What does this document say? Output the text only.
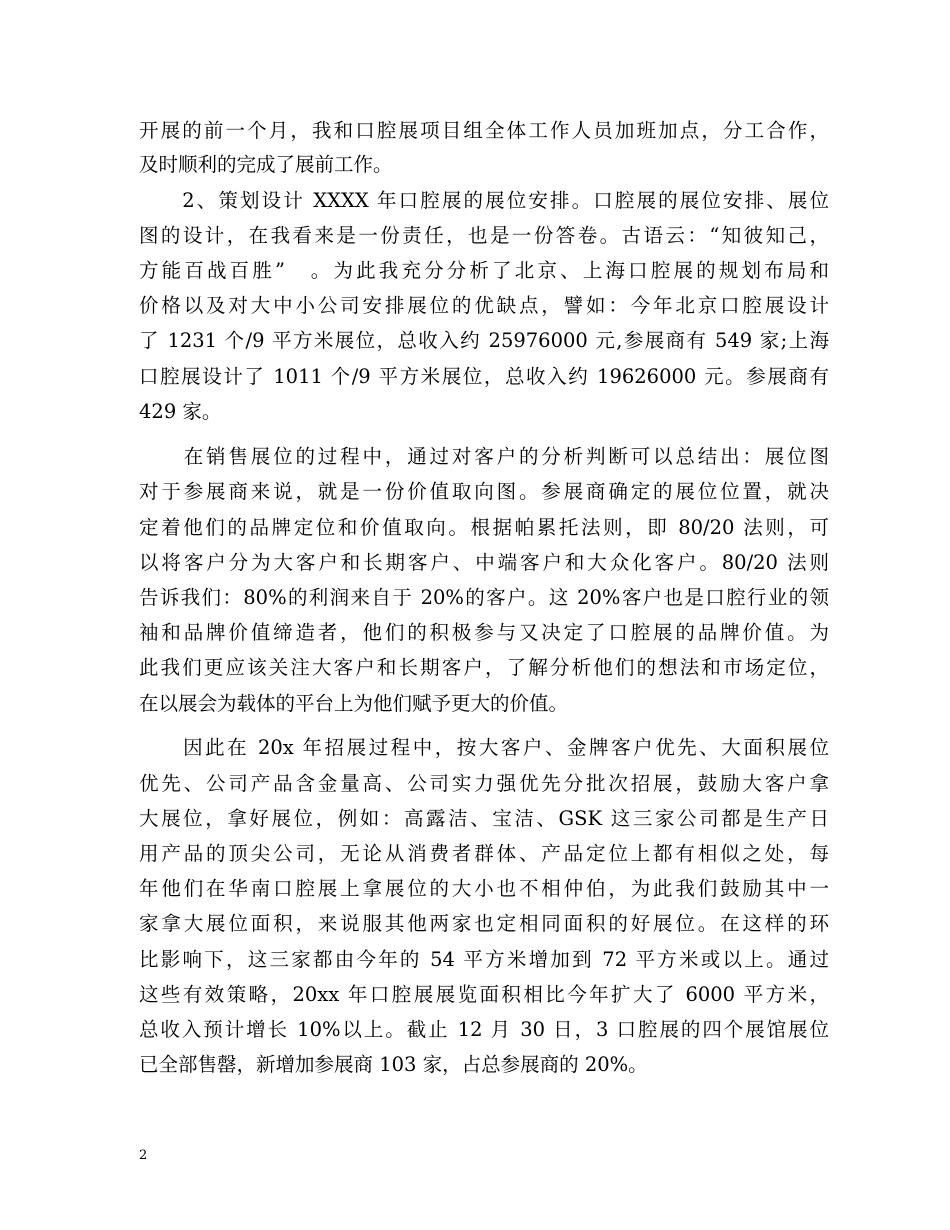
开展的前一个月，我和口腔展项目组全体工作人员加班加点，分工合作，
及时顺利的完成了展前工作。
　　2、策划设计 XXXX 年口腔展的展位安排。口腔展的展位安排、展位
图的设计，在我看来是一份责任，也是一份答卷。古语云：“知彼知己，
方能百战百胜”　。为此我充分分析了北京、上海口腔展的规划布局和
价格以及对大中小公司安排展位的优缺点，譬如：今年北京口腔展设计
了 1231 个/9 平方米展位，总收入约 25976000 元,参展商有 549 家;上海
口腔展设计了 1011 个/9 平方米展位，总收入约 19626000 元。参展商有
429 家。
　　在销售展位的过程中，通过对客户的分析判断可以总结出：展位图
对于参展商来说，就是一份价值取向图。参展商确定的展位位置，就决
定着他们的品牌定位和价值取向。根据帕累托法则，即 80/20 法则，可
以将客户分为大客户和长期客户、中端客户和大众化客户。80/20 法则
告诉我们：80%的利润来自于 20%的客户。这 20%客户也是口腔行业的领
袖和品牌价值缔造者，他们的积极参与又决定了口腔展的品牌价值。为
此我们更应该关注大客户和长期客户，了解分析他们的想法和市场定位，
在以展会为载体的平台上为他们赋予更大的价值。
　　因此在 20x 年招展过程中，按大客户、金牌客户优先、大面积展位
优先、公司产品含金量高、公司实力强优先分批次招展，鼓励大客户拿
大展位，拿好展位，例如：高露洁、宝洁、GSK 这三家公司都是生产日
用产品的顶尖公司，无论从消费者群体、产品定位上都有相似之处，每
年他们在华南口腔展上拿展位的大小也不相仲伯，为此我们鼓励其中一
家拿大展位面积，来说服其他两家也定相同面积的好展位。在这样的环
比影响下，这三家都由今年的 54 平方米增加到 72 平方米或以上。通过
这些有效策略，20xx 年口腔展展览面积相比今年扩大了 6000 平方米，
总收入预计增长 10%以上。截止 12 月 30 日，3 口腔展的四个展馆展位
已全部售罄，新增加参展商 103 家，占总参展商的 20%。
2
